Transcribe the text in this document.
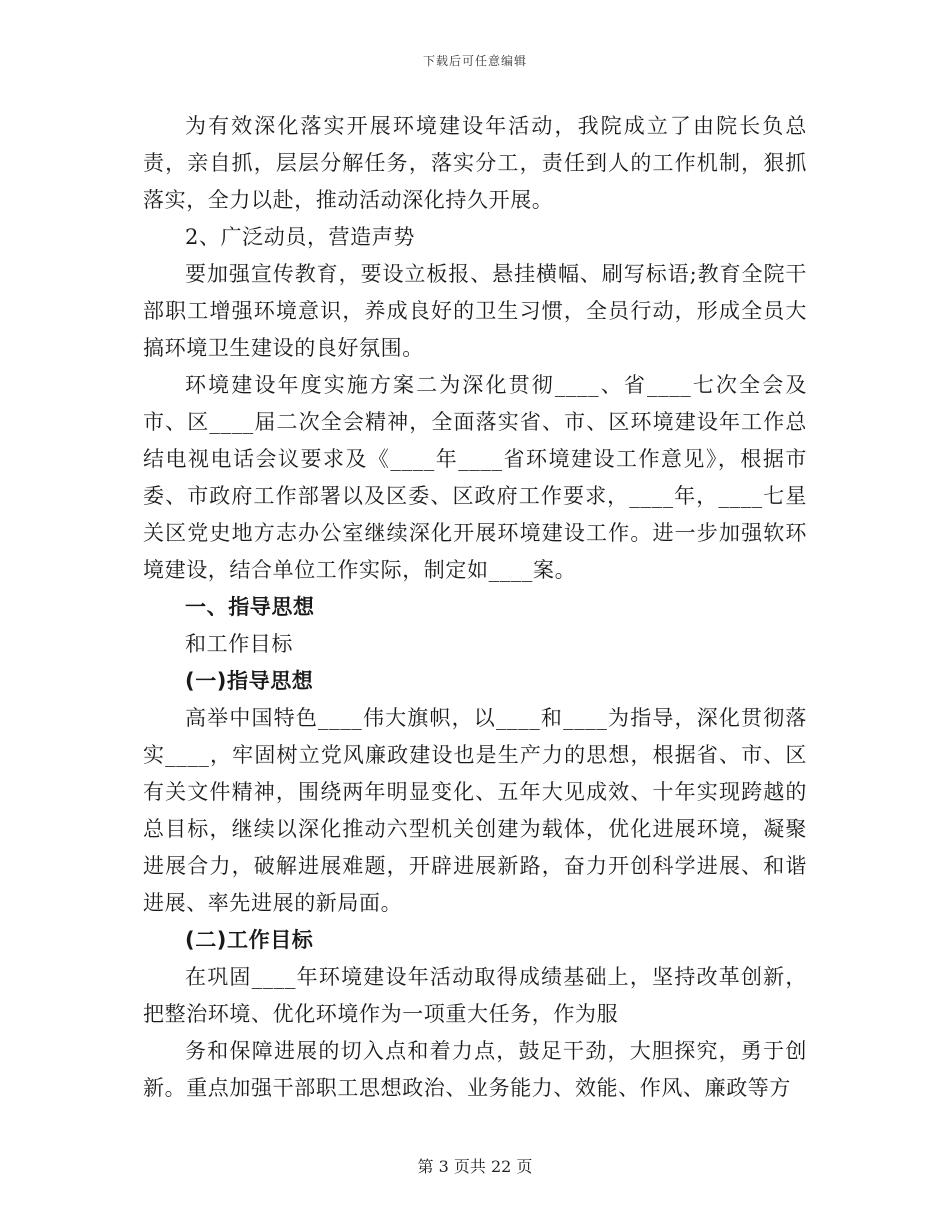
下载后可任意编辑

为有效深化落实开展环境建设年活动，我院成立了由院长负总责，亲自抓，层层分解任务，落实分工，责任到人的工作机制，狠抓落实，全力以赴，推动活动深化持久开展。

2、广泛动员，营造声势

要加强宣传教育，要设立板报、悬挂横幅、刷写标语;教育全院干部职工增强环境意识，养成良好的卫生习惯，全员行动，形成全员大搞环境卫生建设的良好氛围。

环境建设年度实施方案二为深化贯彻____、省____七次全会及市、区____届二次全会精神，全面落实省、市、区环境建设年工作总结电视电话会议要求及《____年____省环境建设工作意见》，根据市委、市政府工作部署以及区委、区政府工作要求，____年，____七星关区党史地方志办公室继续深化开展环境建设工作。进一步加强软环境建设，结合单位工作实际，制定如____案。

一、指导思想

和工作目标

(一)指导思想

高举中国特色____伟大旗帜，以____和____为指导，深化贯彻落实____，牢固树立党风廉政建设也是生产力的思想，根据省、市、区有关文件精神，围绕两年明显变化、五年大见成效、十年实现跨越的总目标，继续以深化推动六型机关创建为载体，优化进展环境，凝聚进展合力，破解进展难题，开辟进展新路，奋力开创科学进展、和谐进展、率先进展的新局面。

(二)工作目标

在巩固____年环境建设年活动取得成绩基础上，坚持改革创新，把整治环境、优化环境作为一项重大任务，作为服

务和保障进展的切入点和着力点，鼓足干劲，大胆探究，勇于创新。重点加强干部职工思想政治、业务能力、效能、作风、廉政等方

第 3 页共 22 页
